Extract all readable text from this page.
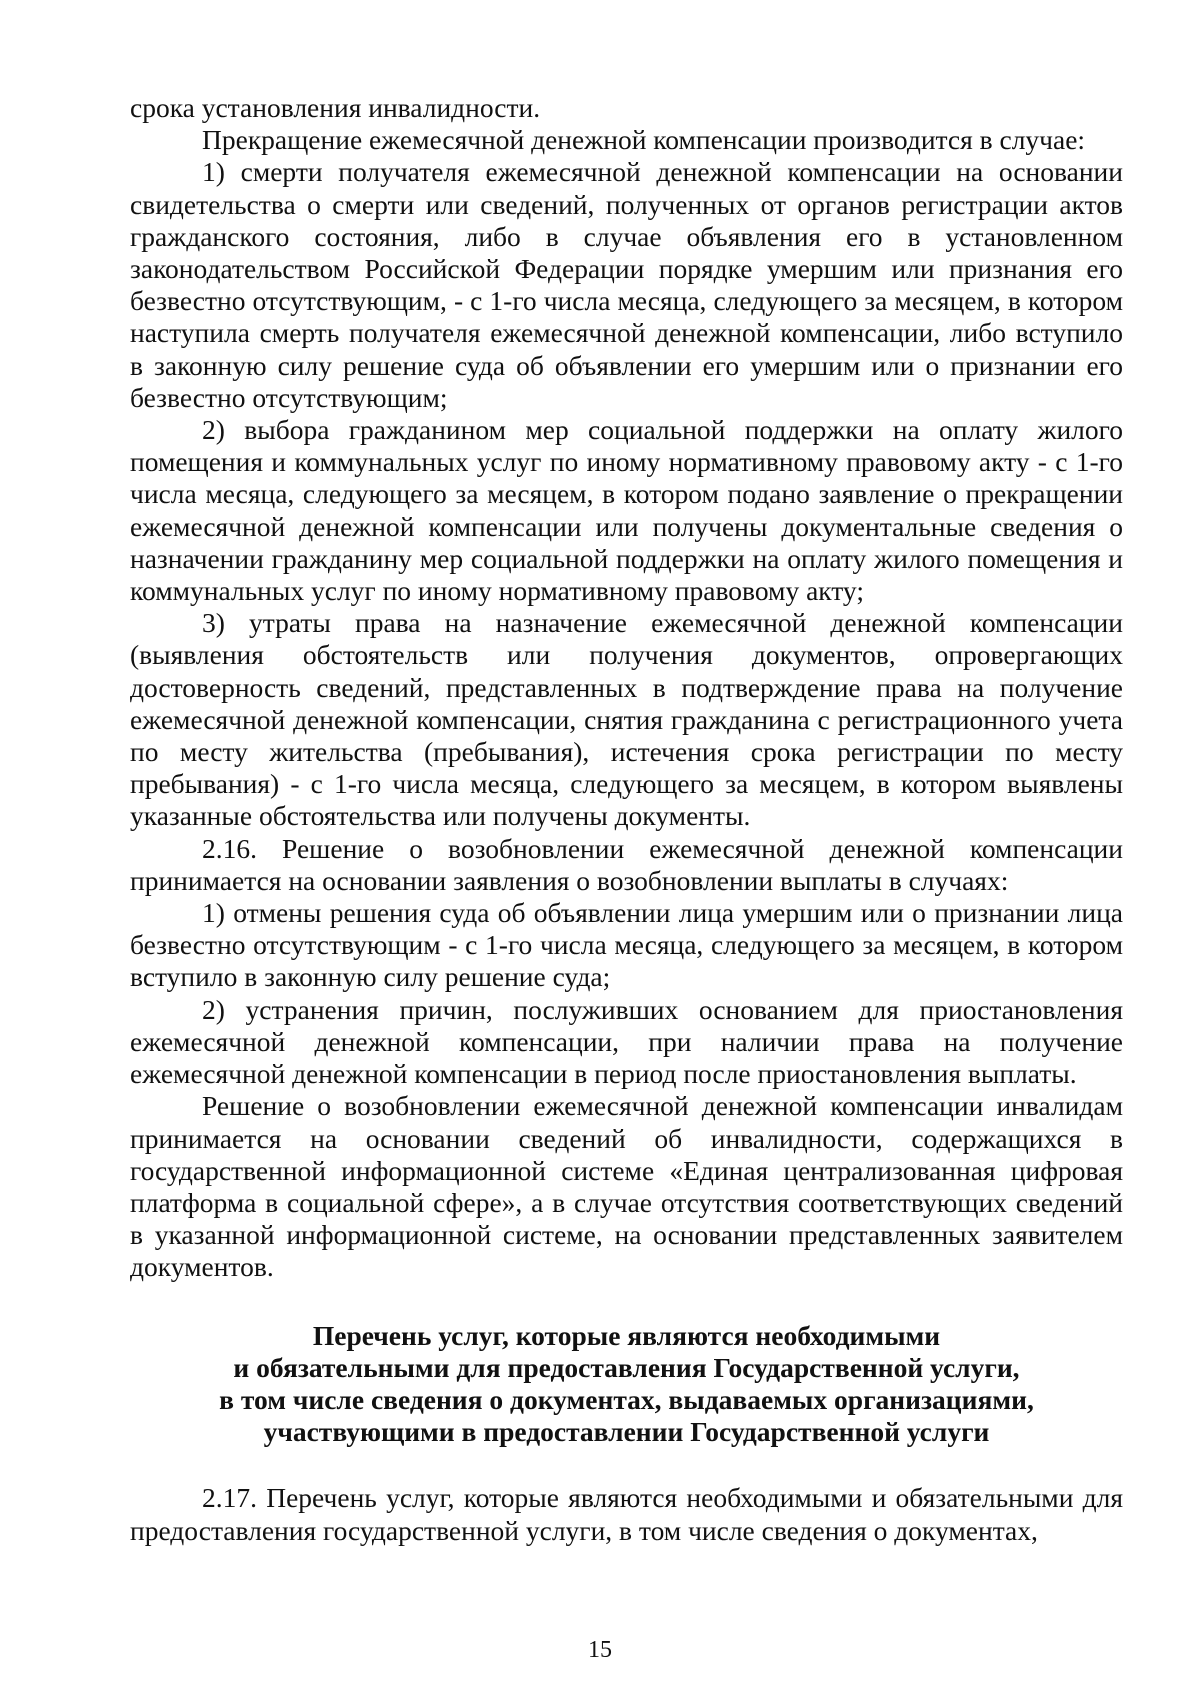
срока установления инвалидности.

Прекращение ежемесячной денежной компенсации производится в случае:

1) смерти получателя ежемесячной денежной компенсации на основании свидетельства о смерти или сведений, полученных от органов регистрации актов гражданского состояния, либо в случае объявления его в установленном законодательством Российской Федерации порядке умершим или признания его безвестно отсутствующим, - с 1-го числа месяца, следующего за месяцем, в котором наступила смерть получателя ежемесячной денежной компенсации, либо вступило в законную силу решение суда об объявлении его умершим или о признании его безвестно отсутствующим;

2) выбора гражданином мер социальной поддержки на оплату жилого помещения и коммунальных услуг по иному нормативному правовому акту - с 1-го числа месяца, следующего за месяцем, в котором подано заявление о прекращении ежемесячной денежной компенсации или получены документальные сведения о назначении гражданину мер социальной поддержки на оплату жилого помещения и коммунальных услуг по иному нормативному правовому акту;

3) утраты права на назначение ежемесячной денежной компенсации (выявления обстоятельств или получения документов, опровергающих достоверность сведений, представленных в подтверждение права на получение ежемесячной денежной компенсации, снятия гражданина с регистрационного учета по месту жительства (пребывания), истечения срока регистрации по месту пребывания) - с 1-го числа месяца, следующего за месяцем, в котором выявлены указанные обстоятельства или получены документы.

2.16. Решение о возобновлении ежемесячной денежной компенсации принимается на основании заявления о возобновлении выплаты в случаях:

1) отмены решения суда об объявлении лица умершим или о признании лица безвестно отсутствующим - с 1-го числа месяца, следующего за месяцем, в котором вступило в законную силу решение суда;

2) устранения причин, послуживших основанием для приостановления ежемесячной денежной компенсации, при наличии права на получение ежемесячной денежной компенсации в период после приостановления выплаты.

Решение о возобновлении ежемесячной денежной компенсации инвалидам принимается на основании сведений об инвалидности, содержащихся в государственной информационной системе «Единая централизованная цифровая платформа в социальной сфере», а в случае отсутствия соответствующих сведений в указанной информационной системе, на основании представленных заявителем документов.

Перечень услуг, которые являются необходимыми
и обязательными для предоставления Государственной услуги,
в том числе сведения о документах, выдаваемых организациями,
участвующими в предоставлении Государственной услуги

2.17. Перечень услуг, которые являются необходимыми и обязательными для предоставления государственной услуги, в том числе сведения о документах,

15
